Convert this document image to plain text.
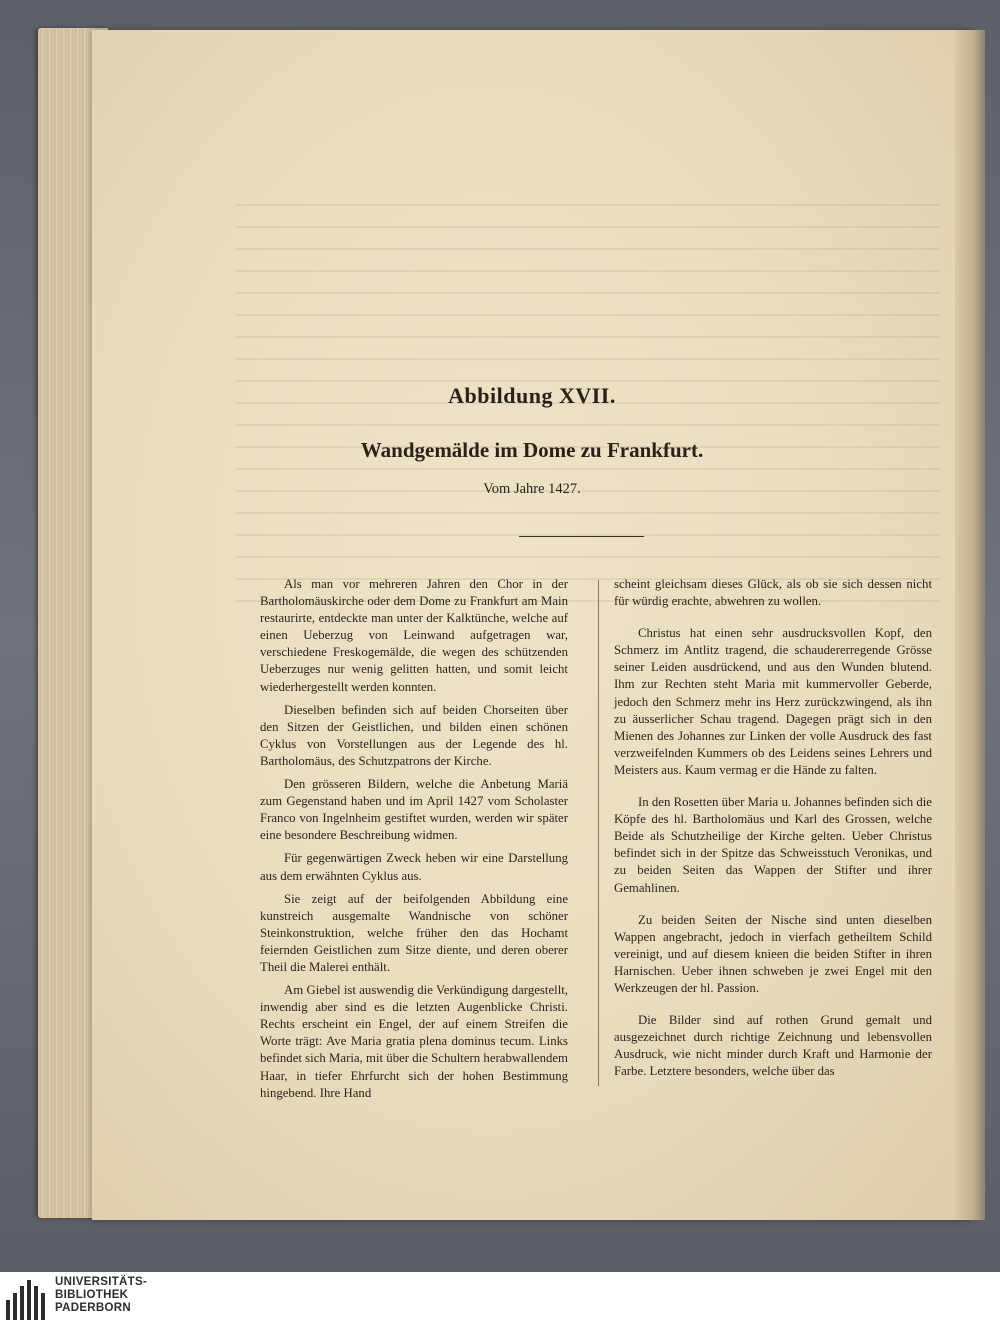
Abbildung XVII.
Wandgemälde im Dome zu Frankfurt.
Vom Jahre 1427.

Als man vor mehreren Jahren den Chor in der Bartholomäuskirche oder dem Dome zu Frankfurt am Main restaurirte, entdeckte man unter der Kalktünche, welche auf einen Ueberzug von Leinwand aufgetragen war, verschiedene Freskogemälde, die wegen des schützenden Ueberzuges nur wenig gelitten hatten, und somit leicht wiederhergestellt werden konnten.

Dieselben befinden sich auf beiden Chorseiten über den Sitzen der Geistlichen, und bilden einen schönen Cyklus von Vorstellungen aus der Legende des hl. Bartholomäus, des Schutzpatrons der Kirche.

Den grösseren Bildern, welche die Anbetung Mariä zum Gegenstand haben und im April 1427 vom Scholaster Franco von Ingelnheim gestiftet wurden, werden wir später eine besondere Beschreibung widmen.

Für gegenwärtigen Zweck heben wir eine Darstellung aus dem erwähnten Cyklus aus.

Sie zeigt auf der beifolgenden Abbildung eine kunstreich ausgemalte Wandnische von schöner Steinkonstruktion, welche früher den das Hochamt feiernden Geistlichen zum Sitze diente, und deren oberer Theil die Malerei enthält.

Am Giebel ist auswendig die Verkündigung dargestellt, inwendig aber sind es die letzten Augenblicke Christi. Rechts erscheint ein Engel, der auf einem Streifen die Worte trägt: Ave Maria gratia plena dominus tecum. Links befindet sich Maria, mit über die Schultern herabwallendem Haar, in tiefer Ehrfurcht sich der hohen Bestimmung hingebend. Ihre Hand

scheint gleichsam dieses Glück, als ob sie sich dessen nicht für würdig erachte, abwehren zu wollen.

Christus hat einen sehr ausdrucksvollen Kopf, den Schmerz im Antlitz tragend, die schaudererregende Grösse seiner Leiden ausdrückend, und aus den Wunden blutend. Ihm zur Rechten steht Maria mit kummervoller Geberde, jedoch den Schmerz mehr ins Herz zurückzwingend, als ihn zu äusserlicher Schau tragend. Dagegen prägt sich in den Mienen des Johannes zur Linken der volle Ausdruck des fast verzweifelnden Kummers ob des Leidens seines Lehrers und Meisters aus. Kaum vermag er die Hände zu falten.

In den Rosetten über Maria u. Johannes befinden sich die Köpfe des hl. Bartholomäus und Karl des Grossen, welche Beide als Schutzheilige der Kirche gelten. Ueber Christus befindet sich in der Spitze das Schweisstuch Veronikas, und zu beiden Seiten das Wappen der Stifter und ihrer Gemahlinen.

Zu beiden Seiten der Nische sind unten dieselben Wappen angebracht, jedoch in vierfach getheiltem Schild vereinigt, und auf diesem knieen die beiden Stifter in ihren Harnischen. Ueber ihnen schweben je zwei Engel mit den Werkzeugen der hl. Passion.

Die Bilder sind auf rothen Grund gemalt und ausgezeichnet durch richtige Zeichnung und lebensvollen Ausdruck, wie nicht minder durch Kraft und Harmonie der Farbe. Letztere besonders, welche über das

UNIVERSITÄTS-
BIBLIOTHEK
PADERBORN
